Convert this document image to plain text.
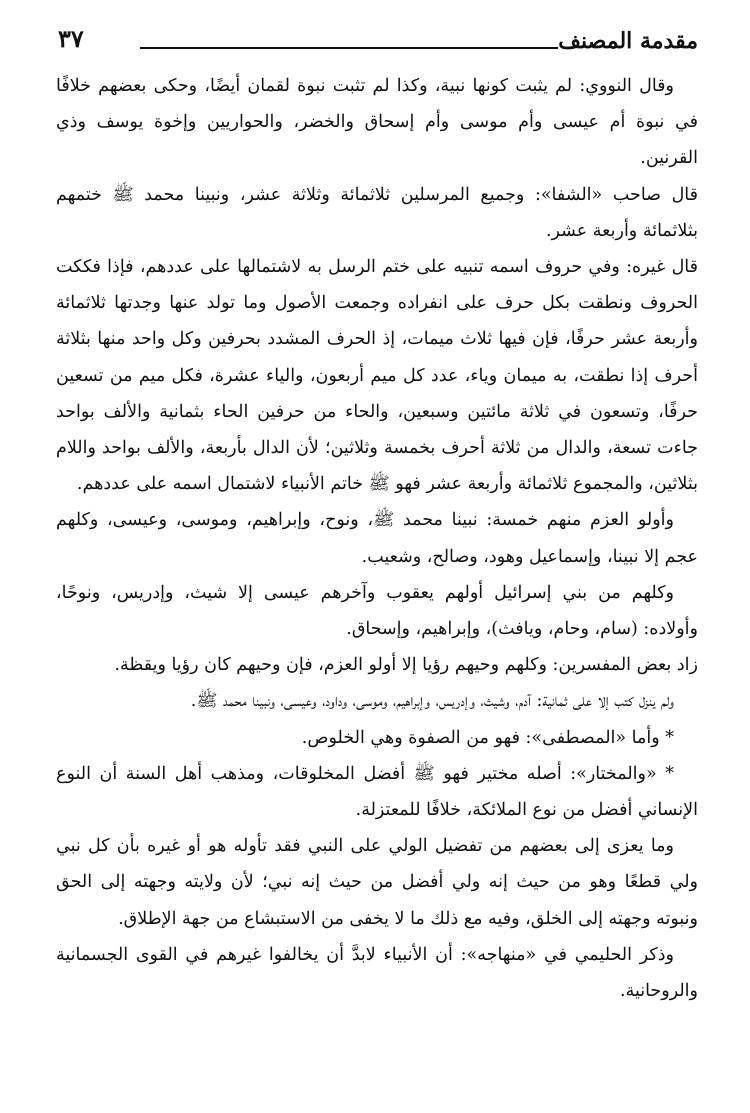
مقدمة المصنف
٣٧

وقال النووي: لم يثبت كونها نبية، وكذا لم تثبت نبوة لقمان أيضًا، وحكى بعضهم خلافًا في نبوة أم عيسى وأم موسى وأم إسحاق والخضر، والحواريين وإخوة يوسف وذي القرنين.

قال صاحب «الشفا»: وجميع المرسلين ثلاثمائة وثلاثة عشر، ونبينا محمد ﷺ ختمهم بثلاثمائة وأربعة عشر.

قال غيره: وفي حروف اسمه تنبيه على ختم الرسل به لاشتمالها على عددهم، فإذا فككت الحروف ونطقت بكل حرف على انفراده وجمعت الأصول وما تولد عنها وجدتها ثلاثمائة وأربعة عشر حرفًا، فإن فيها ثلاث ميمات، إذ الحرف المشدد بحرفين وكل واحد منها بثلاثة أحرف إذا نطقت، به ميمان وياء، عدد كل ميم أربعون، والياء عشرة، فكل ميم من تسعين حرفًا، وتسعون في ثلاثة مائتين وسبعين، والحاء من حرفين الحاء بثمانية والألف بواحد جاءت تسعة، والدال من ثلاثة أحرف بخمسة وثلاثين؛ لأن الدال بأربعة، والألف بواحد واللام بثلاثين، والمجموع ثلاثمائة وأربعة عشر فهو ﷺ خاتم الأنبياء لاشتمال اسمه على عددهم.

وأولو العزم منهم خمسة: نبينا محمد ﷺ، ونوح، وإبراهيم، وموسى، وعيسى، وكلهم عجم إلا نبينا، وإسماعيل وهود، وصالح، وشعيب.

وكلهم من بني إسرائيل أولهم يعقوب وآخرهم عيسى إلا شيث، وإدريس، ونوحًا، وأولاده: (سام، وحام، ويافث)، وإبراهيم، وإسحاق.

زاد بعض المفسرين: وكلهم وحيهم رؤيا إلا أولو العزم، فإن وحيهم كان رؤيا ويقظة.

ولم ينزل كتب إلا على ثمانية: آدم، وشيث، وإدريس، وإبراهيم، وموسى، وداود، وعيسى، ونبينا محمد ﷺ.

* وأما «المصطفى»: فهو من الصفوة وهي الخلوص.

* «والمختار»: أصله مختير فهو ﷺ أفضل المخلوقات، ومذهب أهل السنة أن النوع الإنساني أفضل من نوع الملائكة، خلافًا للمعتزلة.

وما يعزى إلى بعضهم من تفضيل الولي على النبي فقد تأوله هو أو غيره بأن كل نبي ولي قطعًا وهو من حيث إنه ولي أفضل من حيث إنه نبي؛ لأن ولايته وجهته إلى الحق ونبوته وجهته إلى الخلق، وفيه مع ذلك ما لا يخفى من الاستبشاع من جهة الإطلاق.

وذكر الحليمي في «منهاجه»: أن الأنبياء لابدَّ أن يخالفوا غيرهم في القوى الجسمانية والروحانية.
